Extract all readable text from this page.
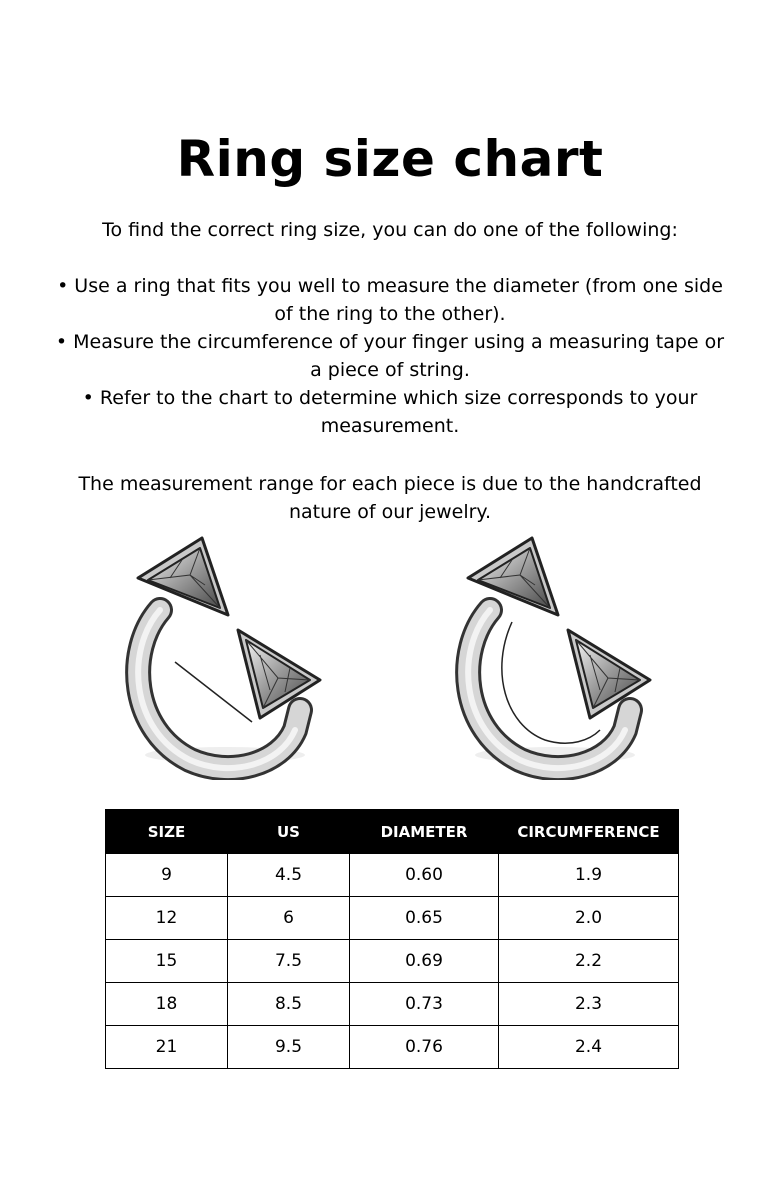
Ring size chart
To find the correct ring size, you can do one of the following:
• Use a ring that fits you well to measure the diameter (from one side of the ring to the other).
• Measure the circumference of your finger using a measuring tape or a piece of string.
• Refer to the chart to determine which size corresponds to your measurement.
The measurement range for each piece is due to the handcrafted nature of our jewelry.
SIZE	US	DIAMETER	CIRCUMFERENCE
9	4.5	0.60	1.9
12	6	0.65	2.0
15	7.5	0.69	2.2
18	8.5	0.73	2.3
21	9.5	0.76	2.4
